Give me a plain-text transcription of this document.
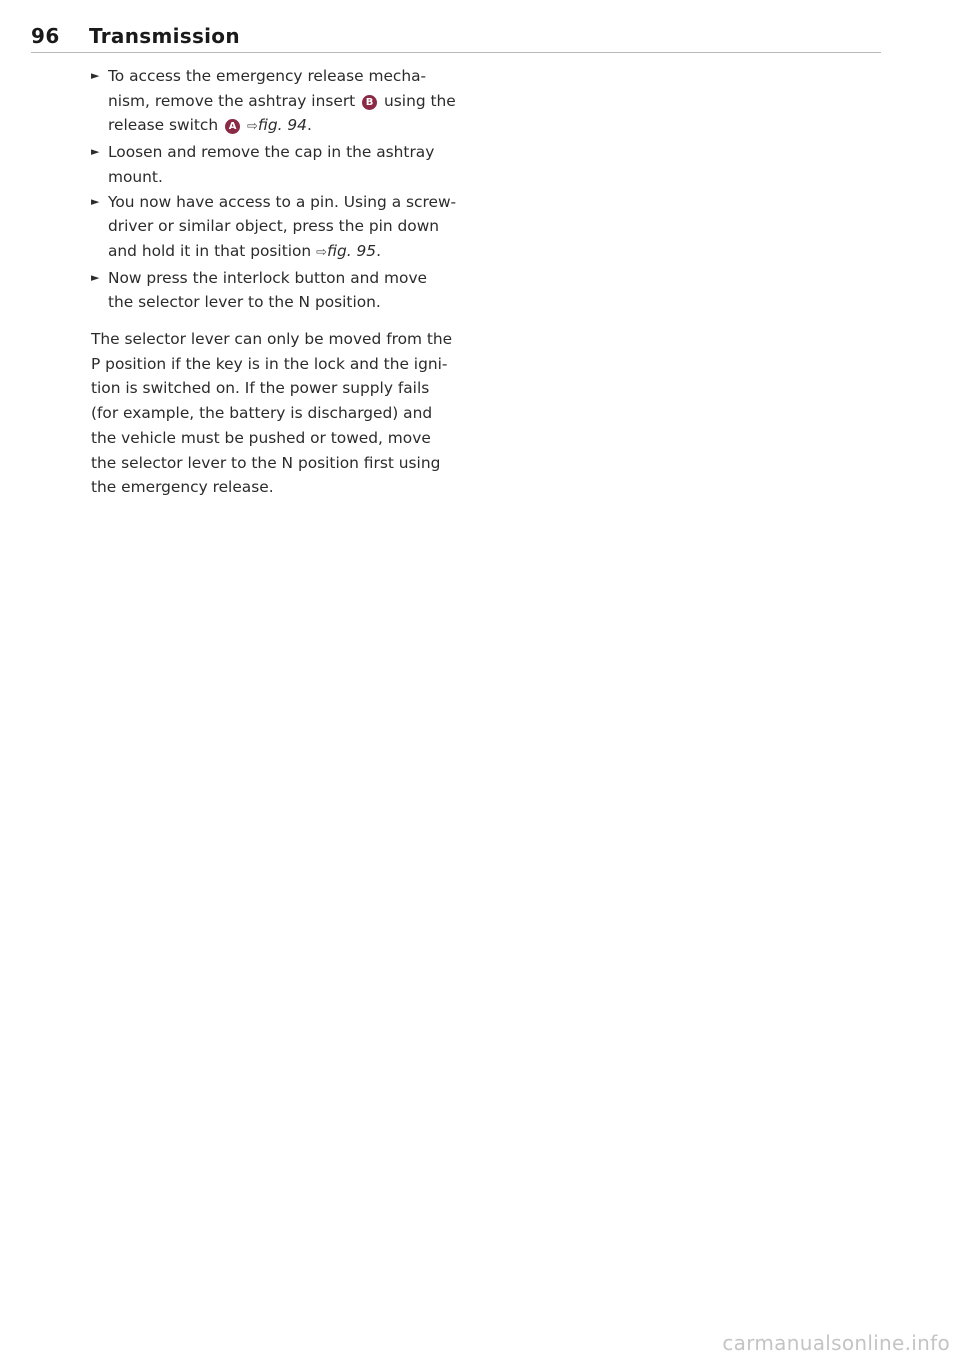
96 Transmission
► To access the emergency release mecha-
nism, remove the ashtray insert B using the
release switch A ⇨fig. 94.
► Loosen and remove the cap in the ashtray
mount.
► You now have access to a pin. Using a screw-
driver or similar object, press the pin down
and hold it in that position ⇨fig. 95.
► Now press the interlock button and move
the selector lever to the N position.
The selector lever can only be moved from the
P position if the key is in the lock and the igni-
tion is switched on. If the power supply fails
(for example, the battery is discharged) and
the vehicle must be pushed or towed, move
the selector lever to the N position first using
the emergency release.
carmanualsonline.info
